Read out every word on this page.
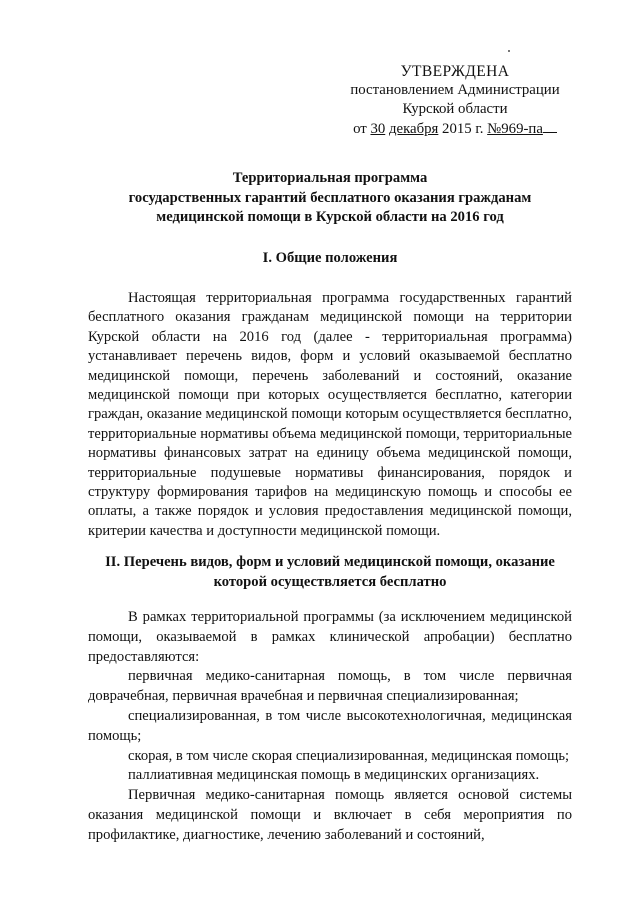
УТВЕРЖДЕНА
постановлением Администрации
Курской области
от 30 декабря 2015 г. №969-па
Территориальная программа
государственных гарантий бесплатного оказания гражданам
медицинской помощи в Курской области на 2016 год
I. Общие положения
Настоящая территориальная программа государственных гарантий бесплатного оказания гражданам медицинской помощи на территории Курской области на 2016 год (далее - территориальная программа) устанавливает перечень видов, форм и условий оказываемой бесплатно медицинской помощи, перечень заболеваний и состояний, оказание медицинской помощи при которых осуществляется бесплатно, категории граждан, оказание медицинской помощи которым осуществляется бесплатно, территориальные нормативы объема медицинской помощи, территориальные нормативы финансовых затрат на единицу объема медицинской помощи, территориальные подушевые нормативы финансирования, порядок и структуру формирования тарифов на медицинскую помощь и способы ее оплаты, а также порядок и условия предоставления медицинской помощи, критерии качества и доступности медицинской помощи.
II. Перечень видов, форм и условий медицинской помощи, оказание
которой осуществляется бесплатно
В рамках территориальной программы (за исключением медицинской помощи, оказываемой в рамках клинической апробации) бесплатно предоставляются:
первичная медико-санитарная помощь, в том числе первичная доврачебная, первичная врачебная и первичная специализированная;
специализированная, в том числе высокотехнологичная, медицинская помощь;
скорая, в том числе скорая специализированная, медицинская помощь;
паллиативная медицинская помощь в медицинских организациях.
Первичная медико-санитарная помощь является основой системы оказания медицинской помощи и включает в себя мероприятия по профилактике, диагностике, лечению заболеваний и состояний,
